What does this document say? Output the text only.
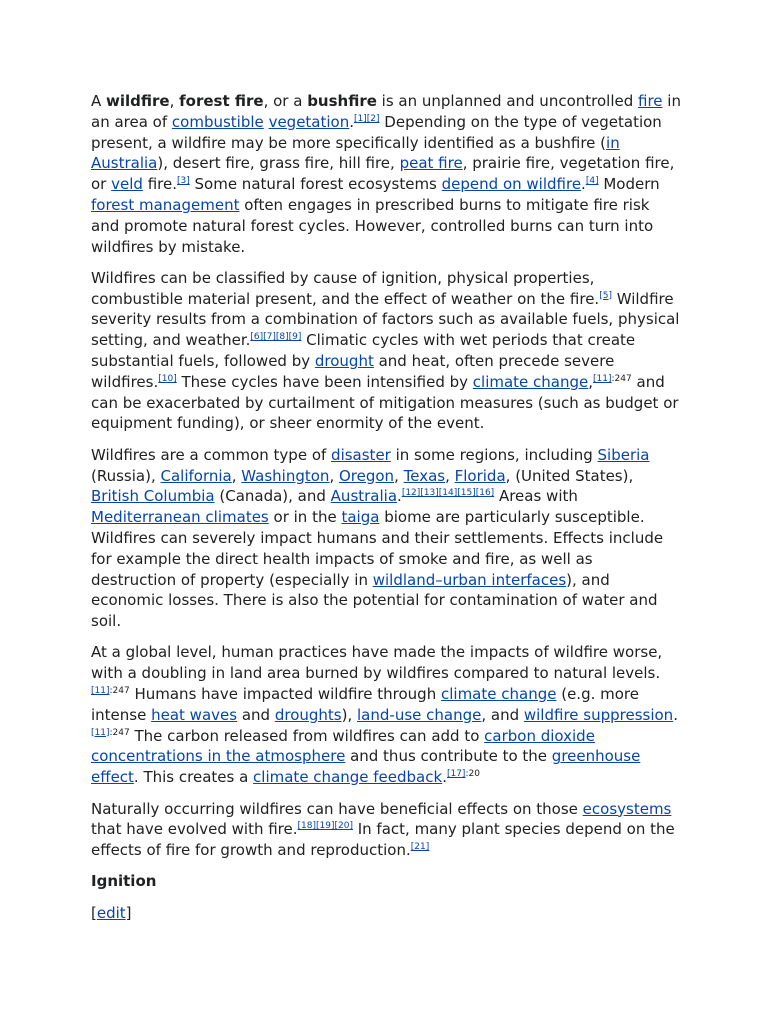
A wildfire, forest fire, or a bushfire is an unplanned and uncontrolled fire in an area of combustible vegetation.[1][2] Depending on the type of vegetation present, a wildfire may be more specifically identified as a bushfire (in Australia), desert fire, grass fire, hill fire, peat fire, prairie fire, vegetation fire, or veld fire.[3] Some natural forest ecosystems depend on wildfire.[4] Modern forest management often engages in prescribed burns to mitigate fire risk and promote natural forest cycles. However, controlled burns can turn into wildfires by mistake.

Wildfires can be classified by cause of ignition, physical properties, combustible material present, and the effect of weather on the fire.[5] Wildfire severity results from a combination of factors such as available fuels, physical setting, and weather.[6][7][8][9] Climatic cycles with wet periods that create substantial fuels, followed by drought and heat, often precede severe wildfires.[10] These cycles have been intensified by climate change,$^{[11]:247}$ and can be exacerbated by curtailment of mitigation measures (such as budget or equipment funding), or sheer enormity of the event.

Wildfires are a common type of disaster in some regions, including Siberia (Russia), California, Washington, Oregon, Texas, Florida, (United States), British Columbia (Canada), and Australia.[12][13][14][15][16] Areas with Mediterranean climates or in the taiga biome are particularly susceptible. Wildfires can severely impact humans and their settlements. Effects include for example the direct health impacts of smoke and fire, as well as destruction of property (especially in wildland–urban interfaces), and economic losses. There is also the potential for contamination of water and soil.

At a global level, human practices have made the impacts of wildfire worse, with a doubling in land area burned by wildfires compared to natural levels.$^{[11]:247}$ Humans have impacted wildfire through climate change (e.g. more intense heat waves and droughts), land-use change, and wildfire suppression.$^{[11]:247}$ The carbon released from wildfires can add to carbon dioxide concentrations in the atmosphere and thus contribute to the greenhouse effect. This creates a climate change feedback.$^{[17]:20}$

Naturally occurring wildfires can have beneficial effects on those ecosystems that have evolved with fire.[18][19][20] In fact, many plant species depend on the effects of fire for growth and reproduction.[21]

Ignition

[edit]
